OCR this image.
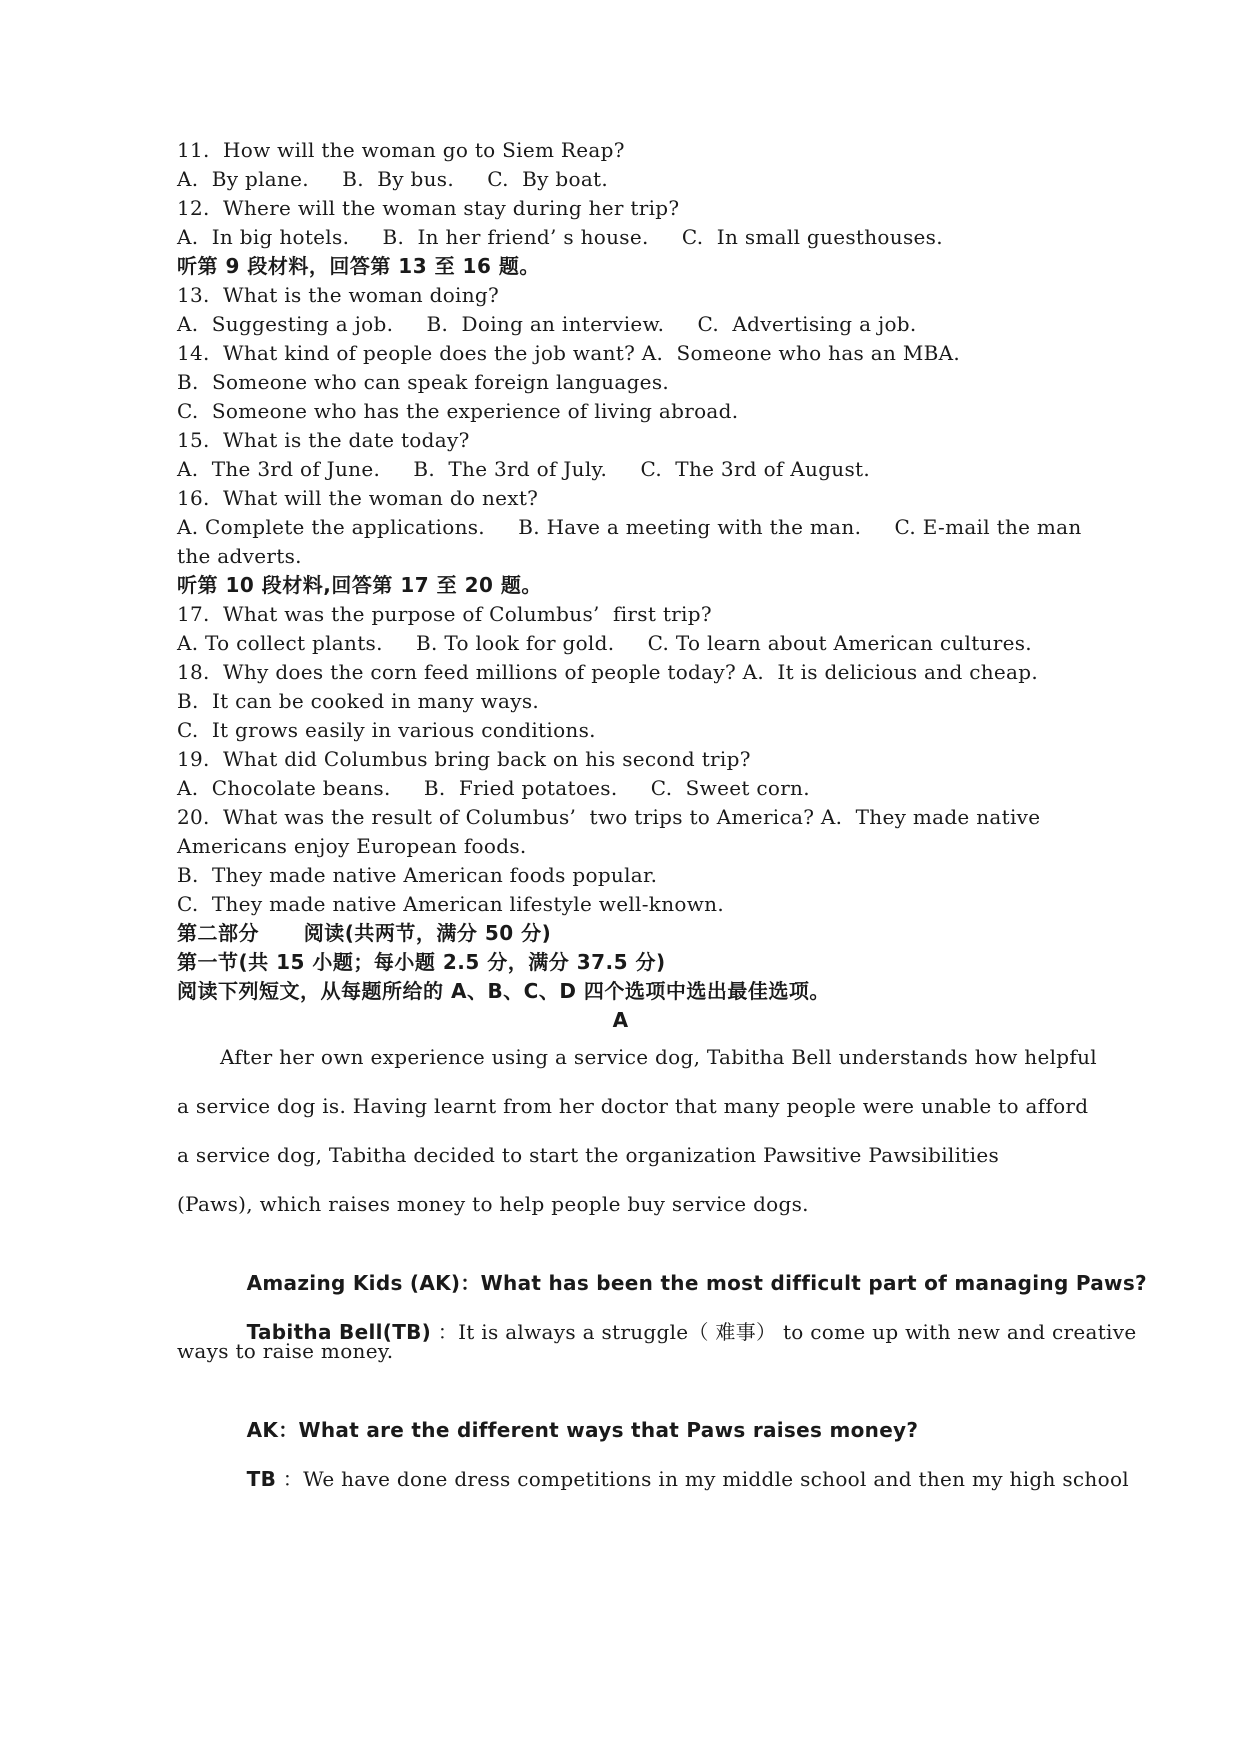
11.  How will the woman go to Siem Reap?
A.  By plane.     B.  By bus.     C.  By boat.
12.  Where will the woman stay during her trip?
A.  In big hotels.     B.  In her friend’ s house.     C.  In small guesthouses.
听第 9 段材料，回答第 13 至 16 题。
13.  What is the woman doing?
A.  Suggesting a job.     B.  Doing an interview.     C.  Advertising a job.
14.  What kind of people does the job want? A.  Someone who has an MBA.
B.  Someone who can speak foreign languages.
C.  Someone who has the experience of living abroad.
15.  What is the date today?
A.  The 3rd of June.     B.  The 3rd of July.     C.  The 3rd of August.
16.  What will the woman do next?
A. Complete the applications.     B. Have a meeting with the man.     C. E-mail the man
the adverts.
听第 10 段材料,回答第 17 至 20 题。
17.  What was the purpose of Columbus’  first trip?
A. To collect plants.     B. To look for gold.     C. To learn about American cultures.
18.  Why does the corn feed millions of people today? A.  It is delicious and cheap.
B.  It can be cooked in many ways.
C.  It grows easily in various conditions.
19.  What did Columbus bring back on his second trip?
A.  Chocolate beans.     B.  Fried potatoes.     C.  Sweet corn.
20.  What was the result of Columbus’  two trips to America? A.  They made native
Americans enjoy European foods.
B.  They made native American foods popular.
C.  They made native American lifestyle well-known.
第二部分      阅读(共两节，满分 50 分)
第一节(共 15 小题；每小题 2.5 分，满分 37.5 分)
阅读下列短文，从每题所给的 A、B、C、D 四个选项中选出最佳选项。
A
After her own experience using a service dog, Tabitha Bell understands how helpful
a service dog is. Having learnt from her doctor that many people were unable to afford
a service dog, Tabitha decided to start the organization Pawsitive Pawsibilities
(Paws), which raises money to help people buy service dogs.

Amazing Kids (AK)：What has been the most difficult part of managing Paws?

Tabitha Bell(TB) ：It is always a struggle（ 难事） to come up with new and creative

ways to raise money.

AK：What are the different ways that Paws raises money?

TB ：We have done dress competitions in my middle school and then my high school
